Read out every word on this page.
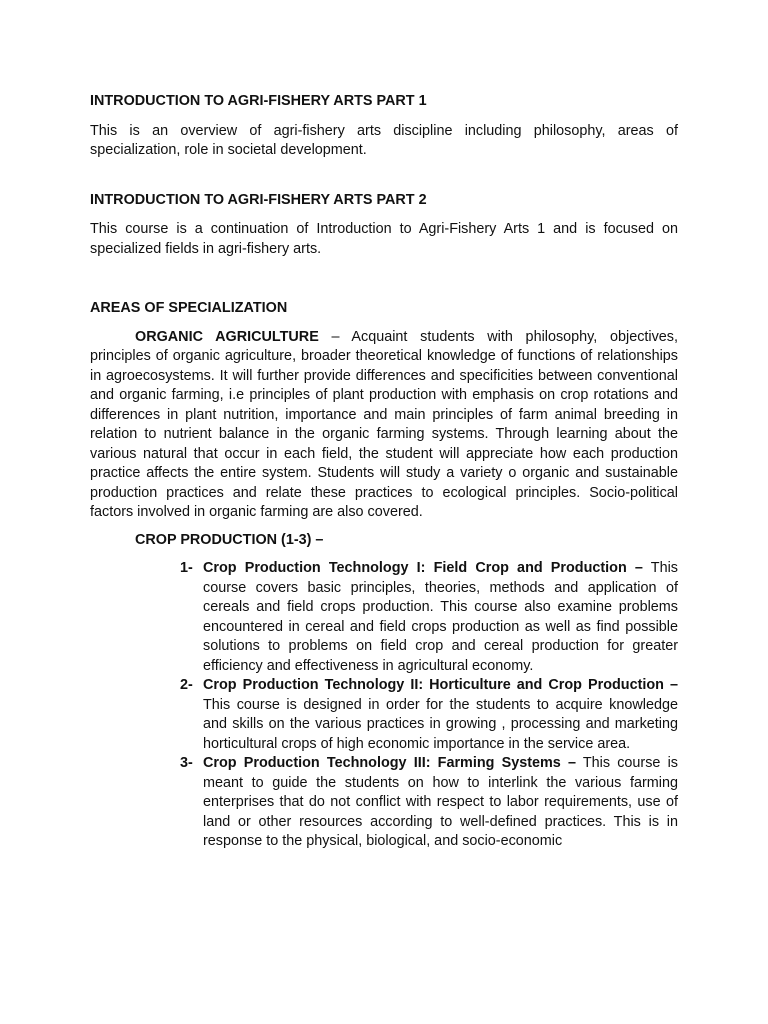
INTRODUCTION TO AGRI-FISHERY ARTS PART 1

This is an overview of agri-fishery arts discipline including philosophy, areas of specialization, role in societal development.

INTRODUCTION TO AGRI-FISHERY ARTS PART 2

This course is a continuation of Introduction to Agri-Fishery Arts 1 and is focused on specialized fields in agri-fishery arts.

AREAS OF SPECIALIZATION

ORGANIC AGRICULTURE – Acquaint students with philosophy, objectives, principles of organic agriculture, broader theoretical knowledge of functions of relationships in agroecosystems. It will further provide differences and specificities between conventional and organic farming, i.e principles of plant production with emphasis on crop rotations and differences in plant nutrition, importance and main principles of farm animal breeding in relation to nutrient balance in the organic farming systems. Through learning about the various natural that occur in each field, the student will appreciate how each production practice affects the entire system. Students will study a variety o organic and sustainable production practices and relate these practices to ecological principles. Socio-political factors involved in organic farming are also covered.

CROP PRODUCTION (1-3) –
1- Crop Production Technology I: Field Crop and Production – This course covers basic principles, theories, methods and application of cereals and field crops production. This course also examine problems encountered in cereal and field crops production as well as find possible solutions to problems on field crop and cereal production for greater efficiency and effectiveness in agricultural economy.

2- Crop Production Technology II: Horticulture and Crop Production – This course is designed in order for the students to acquire knowledge and skills on the various practices in growing , processing and marketing horticultural crops of high economic importance in the service area.

3- Crop Production Technology III: Farming Systems – This course is meant to guide the students on how to interlink the various farming enterprises that do not conflict with respect to labor requirements, use of land or other resources according to well-defined practices. This is in response to the physical, biological, and socio-economic
